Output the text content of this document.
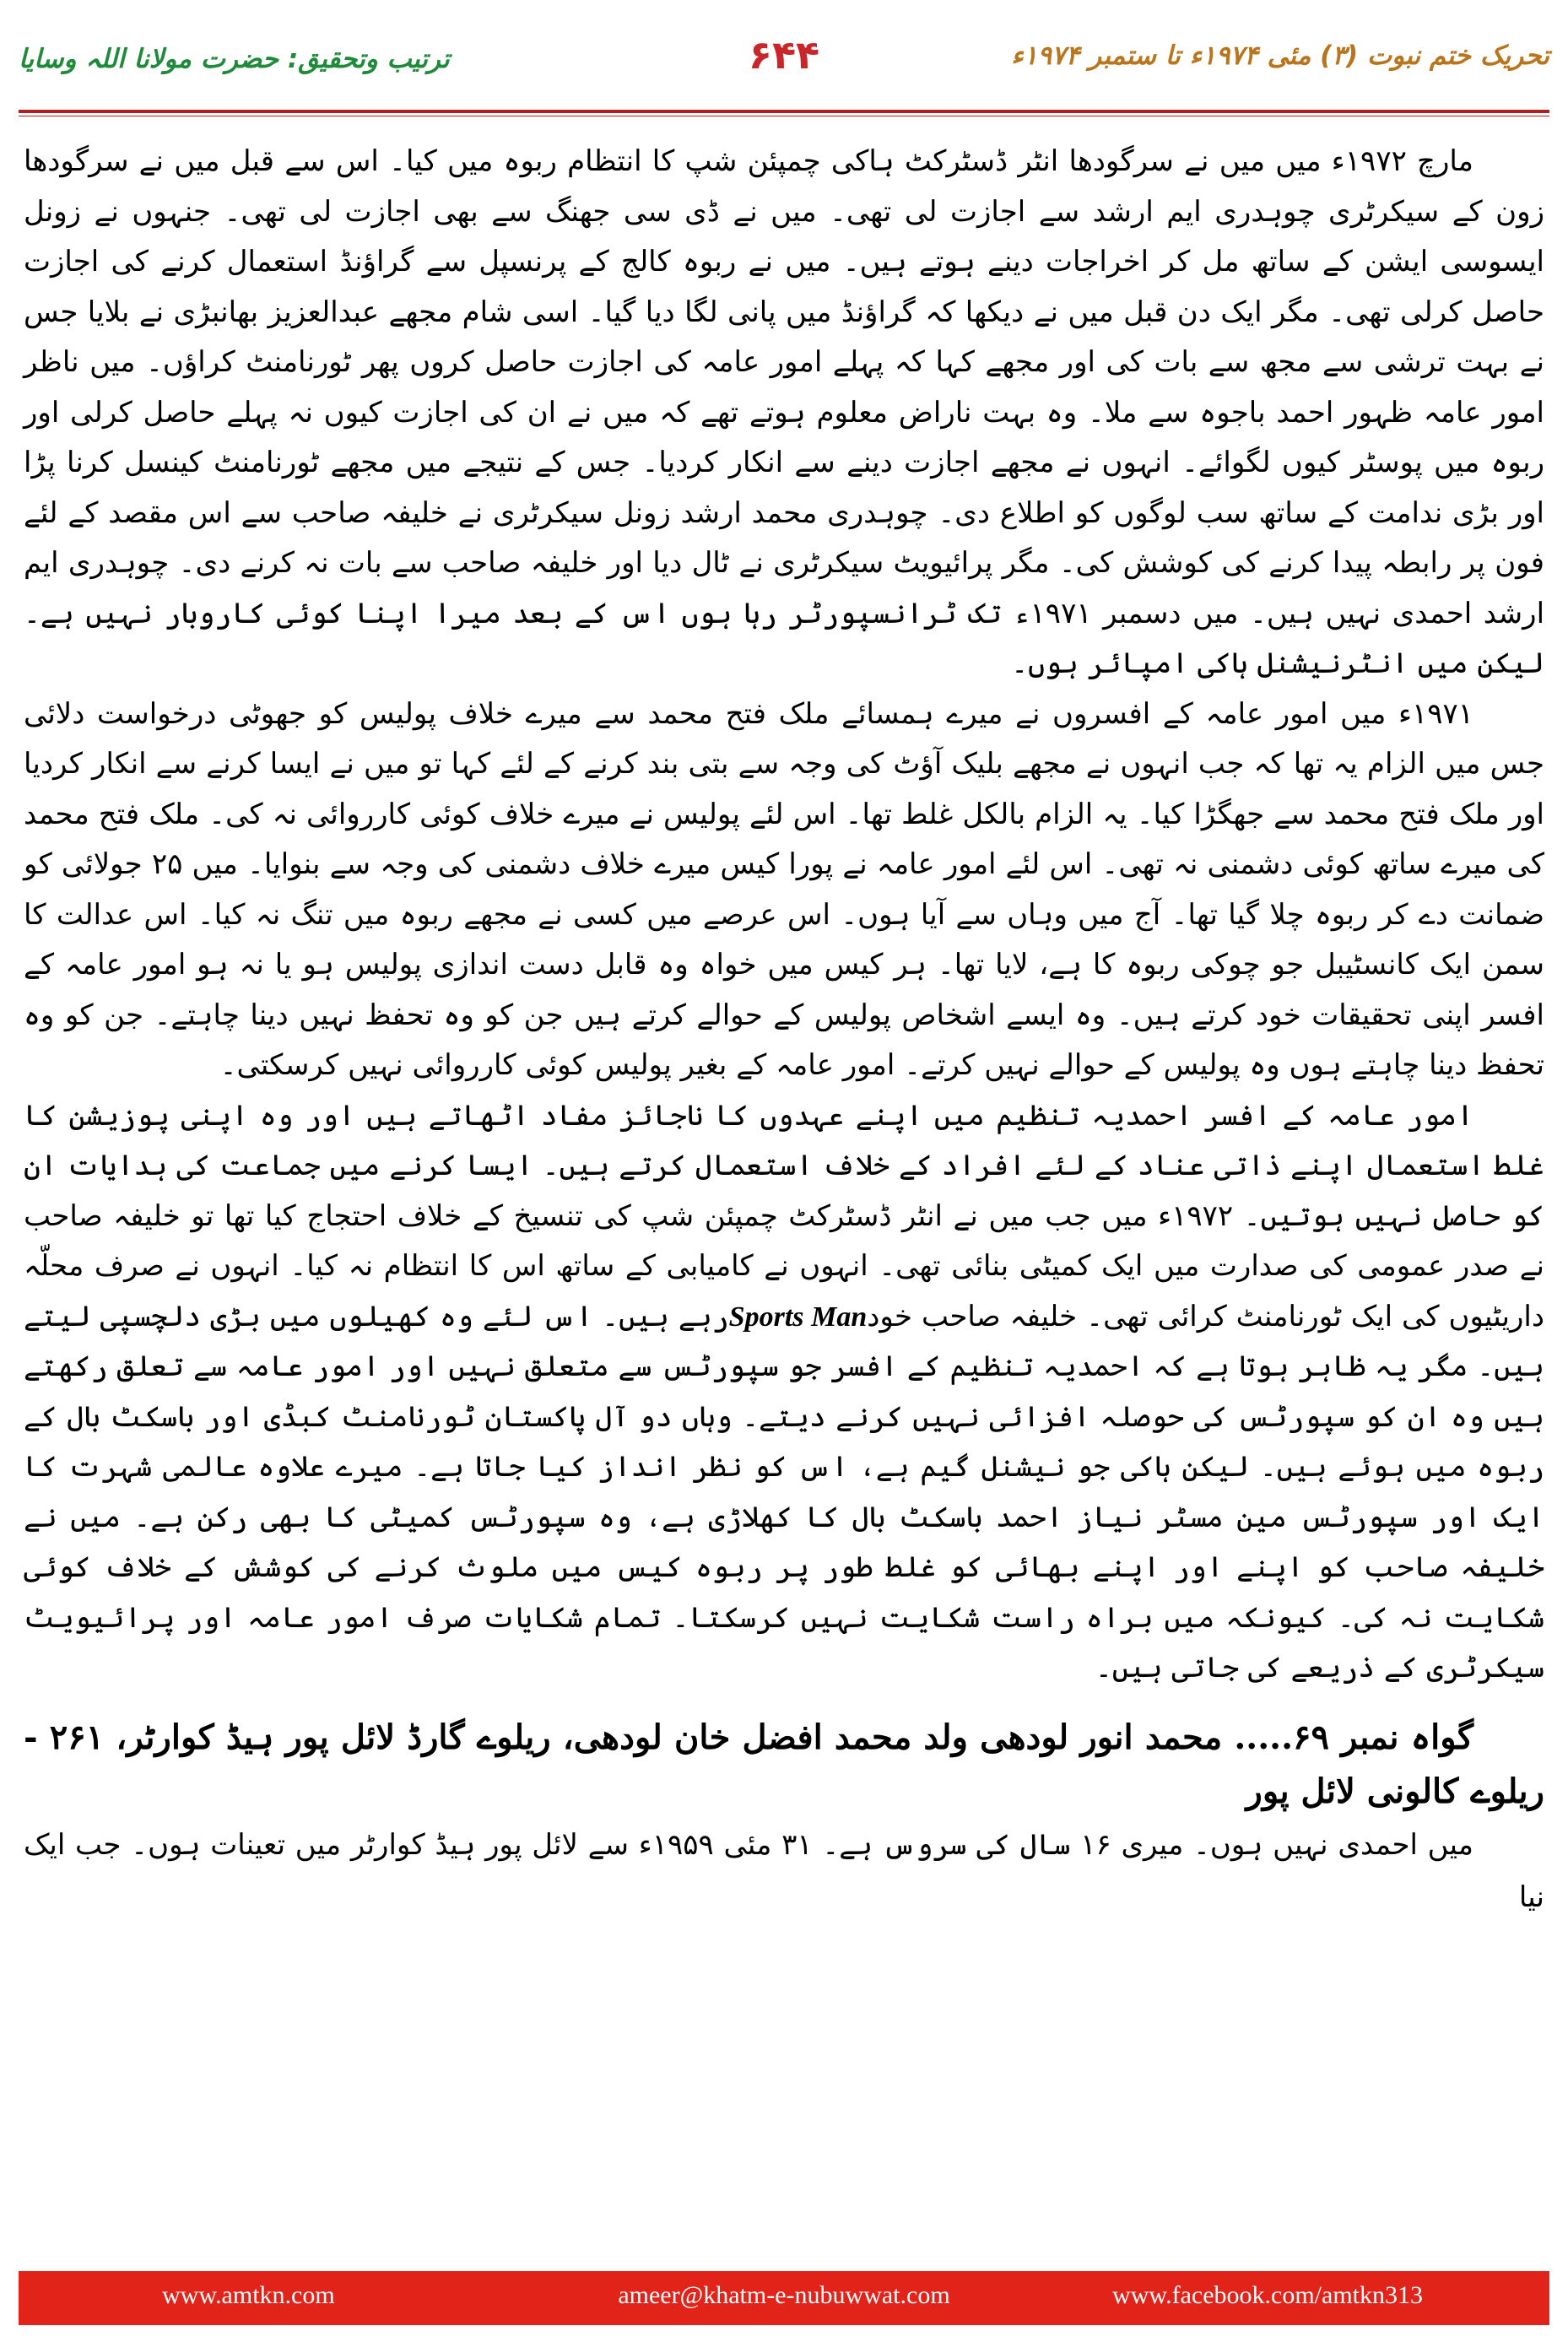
تحریک ختم نبوت (۳) مئی ۱۹۷۴ء تا ستمبر ۱۹۷۴ء
۶۴۴
ترتیب وتحقیق: حضرت مولانا اللہ وسایا

مارچ ۱۹۷۲ء میں میں نے سرگودھا انٹر ڈسٹرکٹ ہاکی چمپئن شپ کا انتظام ربوہ میں کیا۔ اس سے قبل میں نے سرگودھا زون کے سیکرٹری چوہدری ایم ارشد سے اجازت لی تھی۔ میں نے ڈی سی جھنگ سے بھی اجازت لی تھی۔ جنہوں نے زونل ایسوسی ایشن کے ساتھ مل کر اخراجات دینے ہوتے ہیں۔ میں نے ربوہ کالج کے پرنسپل سے گراؤنڈ استعمال کرنے کی اجازت حاصل کرلی تھی۔ مگر ایک دن قبل میں نے دیکھا کہ گراؤنڈ میں پانی لگا دیا گیا۔ اسی شام مجھے عبدالعزیز بھانبڑی نے بلایا جس نے بہت ترشی سے مجھ سے بات کی اور مجھے کہا کہ پہلے امور عامہ کی اجازت حاصل کروں پھر ٹورنامنٹ کراؤں۔ میں ناظر امور عامہ ظہور احمد باجوہ سے ملا۔ وہ بہت ناراض معلوم ہوتے تھے کہ میں نے ان کی اجازت کیوں نہ پہلے حاصل کرلی اور ربوہ میں پوسٹر کیوں لگوائے۔ انہوں نے مجھے اجازت دینے سے انکار کردیا۔ جس کے نتیجے میں مجھے ٹورنامنٹ کینسل کرنا پڑا اور بڑی ندامت کے ساتھ سب لوگوں کو اطلاع دی۔ چوہدری محمد ارشد زونل سیکرٹری نے خلیفہ صاحب سے اس مقصد کے لئے فون پر رابطہ پیدا کرنے کی کوشش کی۔ مگر پرائیویٹ سیکرٹری نے ٹال دیا اور خلیفہ صاحب سے بات نہ کرنے دی۔ چوہدری ایم ارشد احمدی نہیں ہیں۔ میں دسمبر ۱۹۷۱ء تک ٹرانسپورٹر رہا ہوں اس کے بعد میرا اپنا کوئی کاروبار نہیں ہے۔ لیکن میں انٹرنیشنل ہاکی امپائر ہوں۔

۱۹۷۱ء میں امور عامہ کے افسروں نے میرے ہمسائے ملک فتح محمد سے میرے خلاف پولیس کو جھوٹی درخواست دلائی جس میں الزام یہ تھا کہ جب انہوں نے مجھے بلیک آؤٹ کی وجہ سے بتی بند کرنے کے لئے کہا تو میں نے ایسا کرنے سے انکار کردیا اور ملک فتح محمد سے جھگڑا کیا۔ یہ الزام بالکل غلط تھا۔ اس لئے پولیس نے میرے خلاف کوئی کارروائی نہ کی۔ ملک فتح محمد کی میرے ساتھ کوئی دشمنی نہ تھی۔ اس لئے امور عامہ نے پورا کیس میرے خلاف دشمنی کی وجہ سے بنوایا۔ میں ۲۵ جولائی کو ضمانت دے کر ربوہ چلا گیا تھا۔ آج میں وہاں سے آیا ہوں۔ اس عرصے میں کسی نے مجھے ربوہ میں تنگ نہ کیا۔ اس عدالت کا سمن ایک کانسٹیبل جو چوکی ربوہ کا ہے، لایا تھا۔ ہر کیس میں خواہ وہ قابل دست اندازی پولیس ہو یا نہ ہو امور عامہ کے افسر اپنی تحقیقات خود کرتے ہیں۔ وہ ایسے اشخاص پولیس کے حوالے کرتے ہیں جن کو وہ تحفظ نہیں دینا چاہتے۔ جن کو وہ تحفظ دینا چاہتے ہوں وہ پولیس کے حوالے نہیں کرتے۔ امور عامہ کے بغیر پولیس کوئی کارروائی نہیں کرسکتی۔

امور عامہ کے افسر احمدیہ تنظیم میں اپنے عہدوں کا ناجائز مفاد اٹھاتے ہیں اور وہ اپنی پوزیشن کا غلط استعمال اپنے ذاتی عناد کے لئے افراد کے خلاف استعمال کرتے ہیں۔ ایسا کرنے میں جماعت کی ہدایات ان کو حاصل نہیں ہوتیں۔ ۱۹۷۲ء میں جب میں نے انٹر ڈسٹرکٹ چمپئن شپ کی تنسیخ کے خلاف احتجاج کیا تھا تو خلیفہ صاحب نے صدر عمومی کی صدارت میں ایک کمیٹی بنائی تھی۔ انہوں نے کامیابی کے ساتھ اس کا انتظام نہ کیا۔ انہوں نے صرف محلّہ داریٹیوں کی ایک ٹورنامنٹ کرائی تھی۔ خلیفہ صاحب خودSports Manرہے ہیں۔ اس لئے وہ کھیلوں میں بڑی دلچسپی لیتے ہیں۔ مگر یہ ظاہر ہوتا ہے کہ احمدیہ تنظیم کے افسر جو سپورٹس سے متعلق نہیں اور امور عامہ سے تعلق رکھتے ہیں وہ ان کو سپورٹس کی حوصلہ افزائی نہیں کرنے دیتے۔ وہاں دو آل پاکستان ٹورنامنٹ کبڈی اور باسکٹ بال کے ربوہ میں ہوئے ہیں۔ لیکن ہاکی جو نیشنل گیم ہے، اس کو نظر انداز کیا جاتا ہے۔ میرے علاوہ عالمی شہرت کا ایک اور سپورٹس مین مسٹر نیاز احمد باسکٹ بال کا کھلاڑی ہے، وہ سپورٹس کمیٹی کا بھی رکن ہے۔ میں نے خلیفہ صاحب کو اپنے اور اپنے بھائی کو غلط طور پر ربوہ کیس میں ملوث کرنے کی کوشش کے خلاف کوئی شکایت نہ کی۔ کیونکہ میں براہ راست شکایت نہیں کرسکتا۔ تمام شکایات صرف امور عامہ اور پرائیویٹ سیکرٹری کے ذریعے کی جاتی ہیں۔

گواہ نمبر ۶۹..... محمد انور لودھی ولد محمد افضل خان لودھی، ریلوے گارڈ لائل پور ہیڈ کوارٹر، ۲۶۱ - ریلوے کالونی لائل پور

میں احمدی نہیں ہوں۔ میری ۱۶ سال کی سروس ہے۔ ۳۱ مئی ۱۹۵۹ء سے لائل پور ہیڈ کوارٹر میں تعینات ہوں۔ جب ایک نیا

www.amtkn.com	ameer@khatm-e-nubuwwat.com	www.facebook.com/amtkn313
